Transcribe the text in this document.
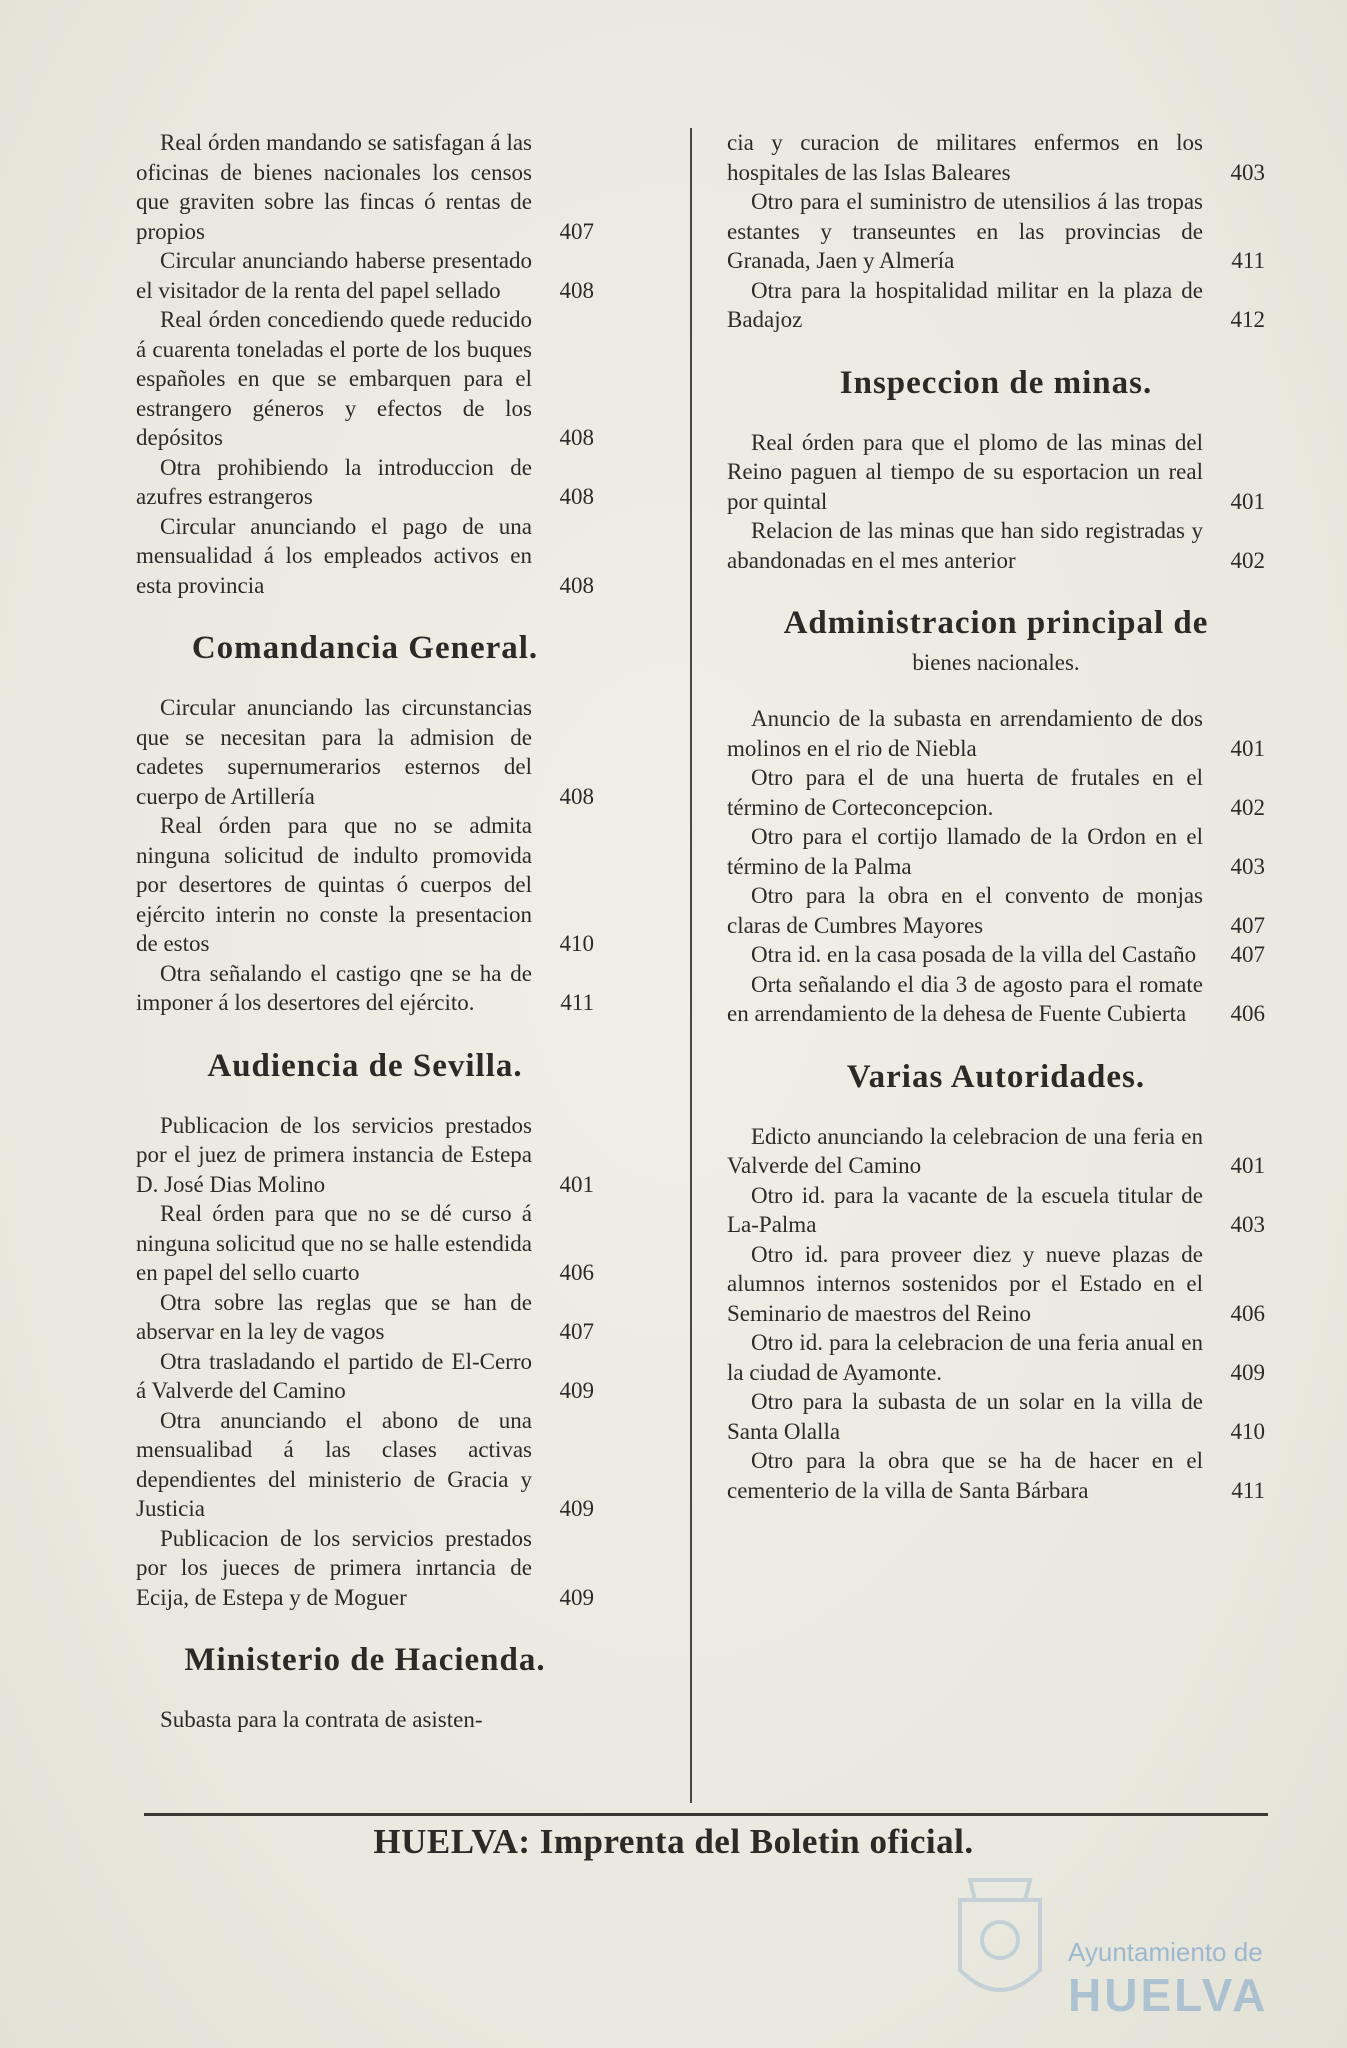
Real órden mandando se satisfagan á las oficinas de bienes nacionales los censos que graviten sobre las fincas ó rentas de propios	407
Circular anunciando haberse presentado el visitador de la renta del papel sellado	408
Real órden concediendo quede reducido á cuarenta toneladas el porte de los buques españoles en que se embarquen para el estrangero géneros y efectos de los depósitos	408
Otra prohibiendo la introduccion de azufres estrangeros	408
Circular anunciando el pago de una mensualidad á los empleados activos en esta provincia	408
Comandancia General.
Circular anunciando las circunstancias que se necesitan para la admision de cadetes supernumerarios esternos del cuerpo de Artillería	408
Real órden para que no se admita ninguna solicitud de indulto promovida por desertores de quintas ó cuerpos del ejército interin no conste la presentacion de estos	410
Otra señalando el castigo qne se ha de imponer á los desertores del ejército.	411
Audiencia de Sevilla.
Publicacion de los servicios prestados por el juez de primera instancia de Estepa D. José Dias Molino	401
Real órden para que no se dé curso á ninguna solicitud que no se halle estendida en papel del sello cuarto	406
Otra sobre las reglas que se han de abservar en la ley de vagos	407
Otra trasladando el partido de El-Cerro á Valverde del Camino	409
Otra anunciando el abono de una mensualibad á las clases activas dependientes del ministerio de Gracia y Justicia	409
Publicacion de los servicios prestados por los jueces de primera inrtancia de Ecija, de Estepa y de Moguer	409
Ministerio de Hacienda.
Subasta para la contrata de asisten-
cia y curacion de militares enfermos en los hospitales de las Islas Baleares	403
Otro para el suministro de utensilios á las tropas estantes y transeuntes en las provincias de Granada, Jaen y Almería	411
Otra para la hospitalidad militar en la plaza de Badajoz	412
Inspeccion de minas.
Real órden para que el plomo de las minas del Reino paguen al tiempo de su esportacion un real por quintal	401
Relacion de las minas que han sido registradas y abandonadas en el mes anterior	402
Administracion principal de
bienes nacionales.
Anuncio de la subasta en arrendamiento de dos molinos en el rio de Niebla	401
Otro para el de una huerta de frutales en el término de Corteconcepcion.	402
Otro para el cortijo llamado de la Ordon en el término de la Palma	403
Otro para la obra en el convento de monjas claras de Cumbres Mayores	407
Otra id. en la casa posada de la villa del Castaño	407
Orta señalando el dia 3 de agosto para el romate en arrendamiento de la dehesa de Fuente Cubierta	406
Varias Autoridades.
Edicto anunciando la celebracion de una feria en Valverde del Camino	401
Otro id. para la vacante de la escuela titular de La-Palma	403
Otro id. para proveer diez y nueve plazas de alumnos internos sostenidos por el Estado en el Seminario de maestros del Reino	406
Otro id. para la celebracion de una feria anual en la ciudad de Ayamonte.	409
Otro para la subasta de un solar en la villa de Santa Olalla	410
Otro para la obra que se ha de hacer en el cementerio de la villa de Santa Bárbara	411
HUELVA: Imprenta del Boletin oficial.
Ayuntamiento de
HUELVA
